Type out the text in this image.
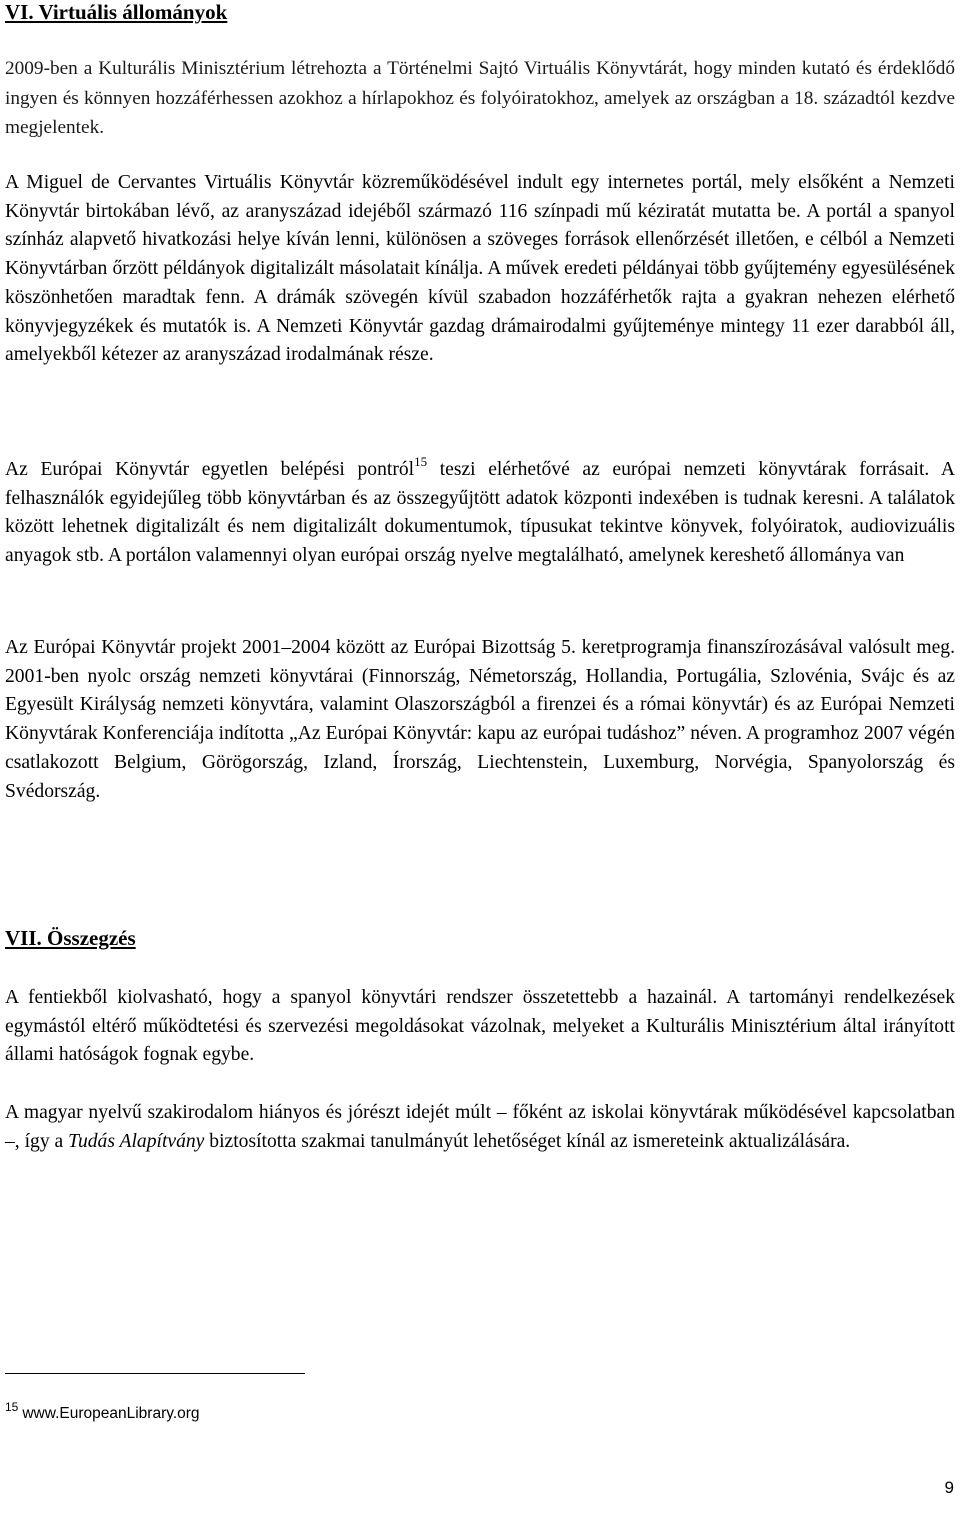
VI. Virtuális állományok

2009-ben a Kulturális Minisztérium létrehozta a Történelmi Sajtó Virtuális Könyvtárát, hogy minden kutató és érdeklődő ingyen és könnyen hozzáférhessen azokhoz a hírlapokhoz és folyóiratokhoz, amelyek az országban a 18. századtól kezdve megjelentek.

A Miguel de Cervantes Virtuális Könyvtár közreműködésével indult egy internetes portál, mely elsőként a Nemzeti Könyvtár birtokában lévő, az aranyszázad idejéből származó 116 színpadi mű kéziratát mutatta be. A portál a spanyol színház alapvető hivatkozási helye kíván lenni, különösen a szöveges források ellenőrzését illetően, e célból a Nemzeti Könyvtárban őrzött példányok digitalizált másolatait kínálja. A művek eredeti példányai több gyűjtemény egyesülésének köszönhetően maradtak fenn. A drámák szövegén kívül szabadon hozzáférhetők rajta a gyakran nehezen elérhető könyvjegyzékek és mutatók is. A Nemzeti Könyvtár gazdag drámairodalmi gyűjteménye mintegy 11 ezer darabból áll, amelyekből kétezer az aranyszázad irodalmának része.

Az Európai Könyvtár egyetlen belépési pontról$^{15}$ teszi elérhetővé az európai nemzeti könyvtárak forrásait. A felhasználók egyidejűleg több könyvtárban és az összegyűjtött adatok központi indexében is tudnak keresni. A találatok között lehetnek digitalizált és nem digitalizált dokumentumok, típusukat tekintve könyvek, folyóiratok, audiovizuális anyagok stb. A portálon valamennyi olyan európai ország nyelve megtalálható, amelynek kereshető állománya van

Az Európai Könyvtár projekt 2001–2004 között az Európai Bizottság 5. keretprogramja finanszírozásával valósult meg. 2001-ben nyolc ország nemzeti könyvtárai (Finnország, Németország, Hollandia, Portugália, Szlovénia, Svájc és az Egyesült Királyság nemzeti könyvtára, valamint Olaszországból a firenzei és a római könyvtár) és az Európai Nemzeti Könyvtárak Konferenciája indította „Az Európai Könyvtár: kapu az európai tudáshoz” néven. A programhoz 2007 végén csatlakozott Belgium, Görögország, Izland, Írország, Liechtenstein, Luxemburg, Norvégia, Spanyolország és Svédország.

VII. Összegzés

A fentiekből kiolvasható, hogy a spanyol könyvtári rendszer összetettebb a hazainál. A tartományi rendelkezések egymástól eltérő működtetési és szervezési megoldásokat vázolnak, melyeket a Kulturális Minisztérium által irányított állami hatóságok fognak egybe.

A magyar nyelvű szakirodalom hiányos és jórészt idejét múlt – főként az iskolai könyvtárak működésével kapcsolatban –, így a Tudás Alapítvány biztosította szakmai tanulmányút lehetőséget kínál az ismereteink aktualizálására.

$^{15}$ www.EuropeanLibrary.org
9
